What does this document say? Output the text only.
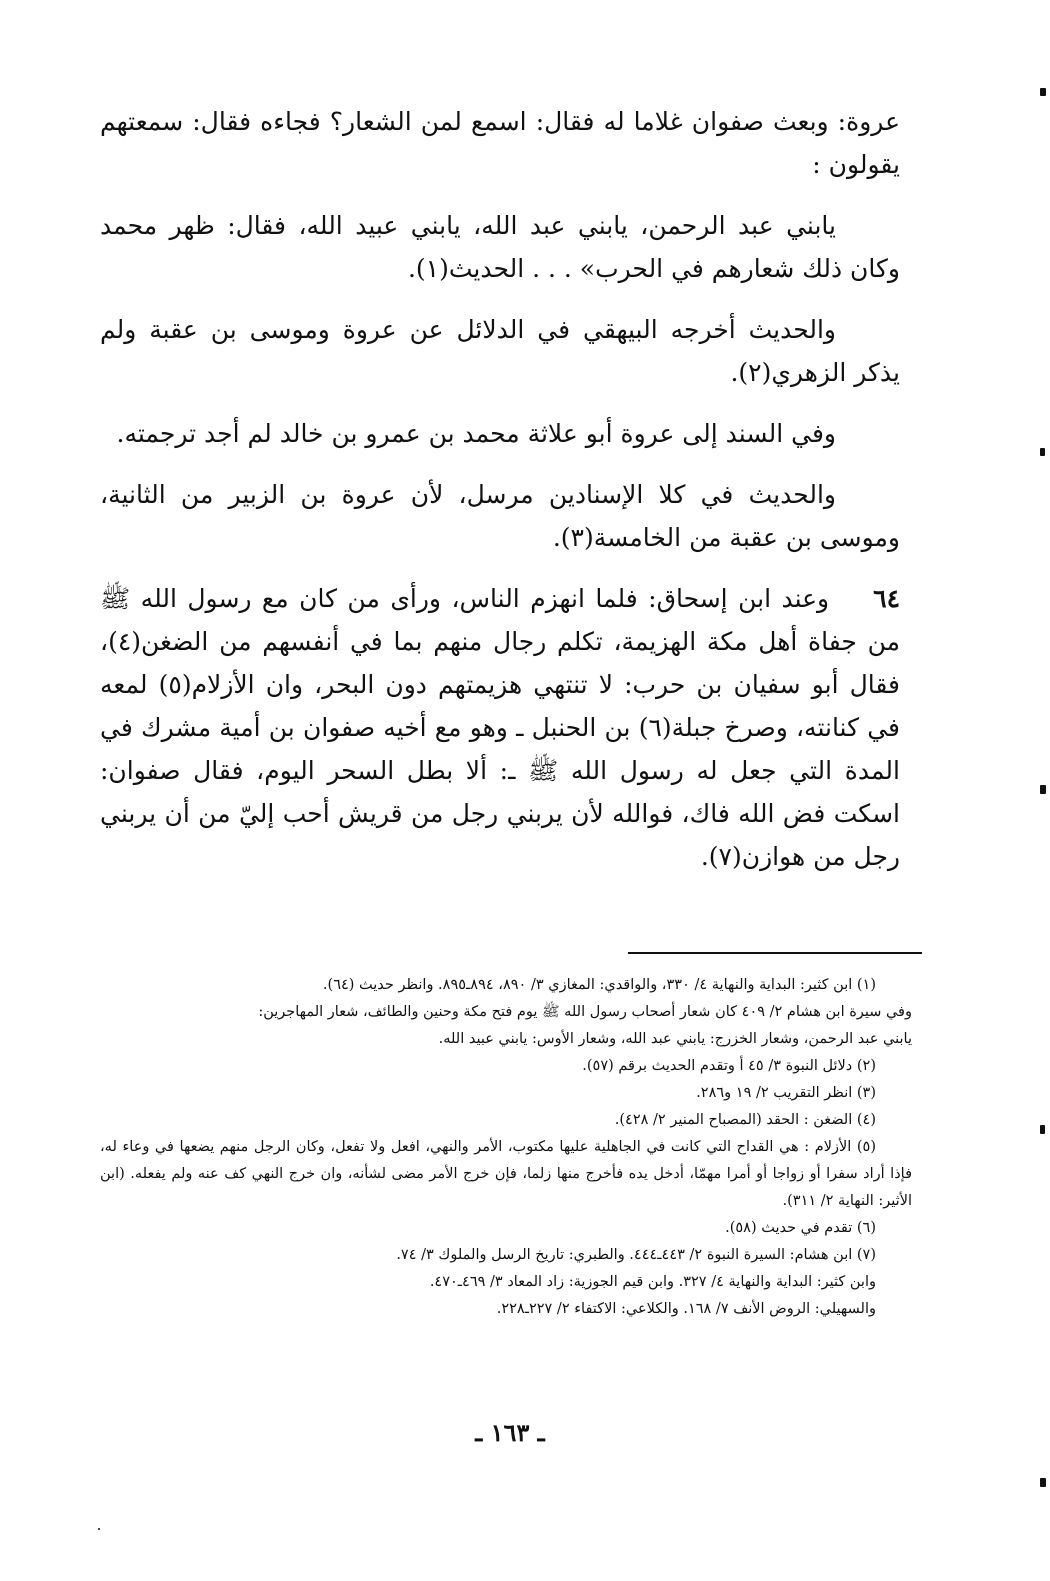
عروة: وبعث صفوان غلاما له فقال: اسمع لمن الشعار؟ فجاءه فقال: سمعتهم يقولون :

يابني عبد الرحمن، يابني عبد الله، يابني عبيد الله، فقال: ظهر محمد وكان ذلك شعارهم في الحرب» . . . الحديث(١).

والحديث أخرجه البيهقي في الدلائل عن عروة وموسى بن عقبة ولم يذكر الزهري(٢).

وفي السند إلى عروة أبو علاثة محمد بن عمرو بن خالد لم أجد ترجمته.

والحديث في كلا الإسنادين مرسل، لأن عروة بن الزبير من الثانية، وموسى بن عقبة من الخامسة(٣).

٦٤وعند ابن إسحاق: فلما انهزم الناس، ورأى من كان مع رسول الله ﷺ من جفاة أهل مكة الهزيمة، تكلم رجال منهم بما في أنفسهم من الضغن(٤)، فقال أبو سفيان بن حرب: لا تنتهي هزيمتهم دون البحر، وان الأزلام(٥) لمعه في كنانته، وصرخ جبلة(٦) بن الحنبل ـ وهو مع أخيه صفوان بن أمية مشرك في المدة التي جعل له رسول الله ﷺ ـ: ألا بطل السحر اليوم، فقال صفوان: اسكت فض الله فاك، فوالله لأن يربني رجل من قريش أحب إليّ من أن يربني رجل من هوازن(٧).

(١) ابن كثير: البداية والنهاية ٤/ ٣٣٠، والواقدي: المغازي ٣/ ٨٩٠، ٨٩٤ـ٨٩٥. وانظر حديث (٦٤).

وفي سيرة ابن هشام ٢/ ٤٠٩ كان شعار أصحاب رسول الله ﷺ يوم فتح مكة وحنين والطائف، شعار المهاجرين:

يابني عبد الرحمن، وشعار الخزرج: يابني عبد الله، وشعار الأوس: يابني عبيد الله.

(٢) دلائل النبوة ٣/ ٤٥ أ وتقدم الحديث برقم (٥٧).

(٣) انظر التقريب ٢/ ١٩ و٢٨٦.

(٤) الضغن : الحقد (المصباح المنير ٢/ ٤٢٨).

(٥) الأزلام : هي القداح التي كانت في الجاهلية عليها مكتوب، الأمر والنهي، افعل ولا تفعل، وكان الرجل منهم يضعها في وعاء له، فإذا أراد سفرا أو زواجا أو أمرا مهمّا، أدخل يده فأخرج منها زلما، فإن خرج الأمر مضى لشأنه، وان خرج النهي كف عنه ولم يفعله. (ابن الأثير: النهاية ٢/ ٣١١).

(٦) تقدم في حديث (٥٨).

(٧) ابن هشام: السيرة النبوة ٢/ ٤٤٣ـ٤٤٤. والطبري: تاريخ الرسل والملوك ٣/ ٧٤.

وابن كثير: البداية والنهاية ٤/ ٣٢٧. وابن قيم الجوزية: زاد المعاد ٣/ ٤٦٩ـ٤٧٠.

والسهيلي: الروض الأنف ٧/ ١٦٨. والكلاعي: الاكتفاء ٢/ ٢٢٧ـ٢٢٨.

ـ ١٦٣ ـ
